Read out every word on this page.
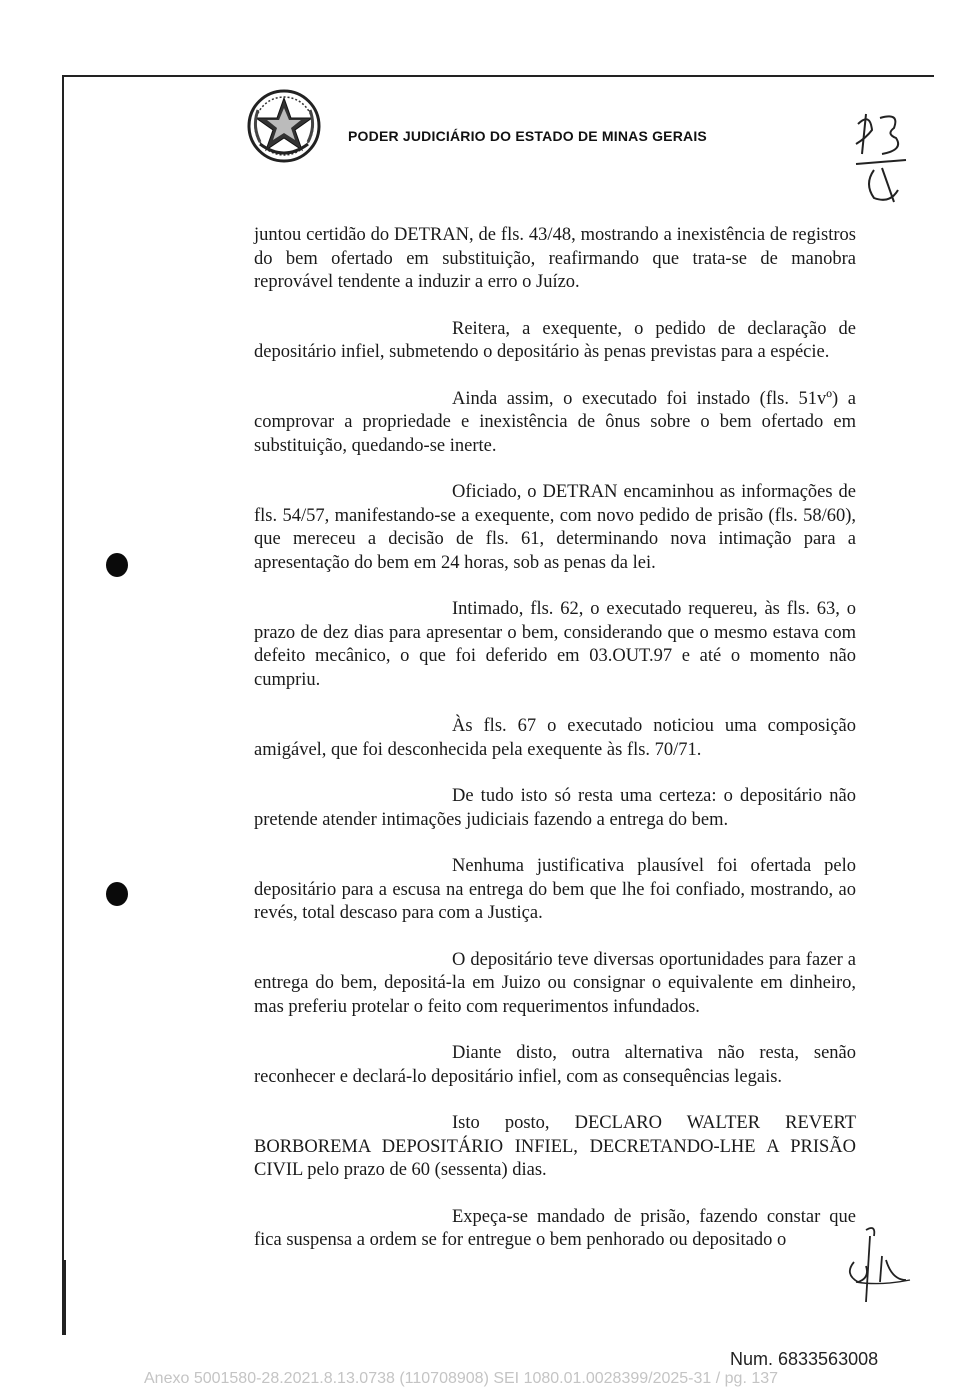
PODER JUDICIÁRIO DO ESTADO DE MINAS GERAIS

juntou certidão do DETRAN, de fls. 43/48, mostrando a inexistência de registros do bem ofertado em substituição, reafirmando que trata-se de manobra reprovável tendente a induzir a erro o Juízo.

Reitera, a exequente, o pedido de declaração de depositário infiel, submetendo o depositário às penas previstas para a espécie.

Ainda assim, o executado foi instado (fls. 51vº) a comprovar a propriedade e inexistência de ônus sobre o bem ofertado em substituição, quedando-se inerte.

Oficiado, o DETRAN encaminhou as informações de fls. 54/57, manifestando-se a exequente, com novo pedido de prisão (fls. 58/60), que mereceu a decisão de fls. 61, determinando nova intimação para a apresentação do bem em 24 horas, sob as penas da lei.

Intimado, fls. 62, o executado requereu, às fls. 63, o prazo de dez dias para apresentar o bem, considerando que o mesmo estava com defeito mecânico, o que foi deferido em 03.OUT.97 e até o momento não cumpriu.

Às fls. 67 o executado noticiou uma composição amigável, que foi desconhecida pela exequente às fls. 70/71.

De tudo isto só resta uma certeza: o depositário não pretende atender intimações judiciais fazendo a entrega do bem.

Nenhuma justificativa plausível foi ofertada pelo depositário para a escusa na entrega do bem que lhe foi confiado, mostrando, ao revés, total descaso para com a Justiça.

O depositário teve diversas oportunidades para fazer a entrega do bem, depositá-la em Juizo ou consignar o equivalente em dinheiro, mas preferiu protelar o feito com requerimentos infundados.

Diante disto, outra alternativa não resta, senão reconhecer e declará-lo depositário infiel, com as consequências legais.

Isto posto, DECLARO WALTER REVERT BORBOREMA DEPOSITÁRIO INFIEL, DECRETANDO-LHE A PRISÃO CIVIL pelo prazo de 60 (sessenta) dias.

Expeça-se mandado de prisão, fazendo constar que fica suspensa a ordem se for entregue o bem penhorado ou depositado o

Num. 6833563008
Anexo 5001580-28.2021.8.13.0738 (110708908) SEI 1080.01.0028399/2025-31 / pg. 137
